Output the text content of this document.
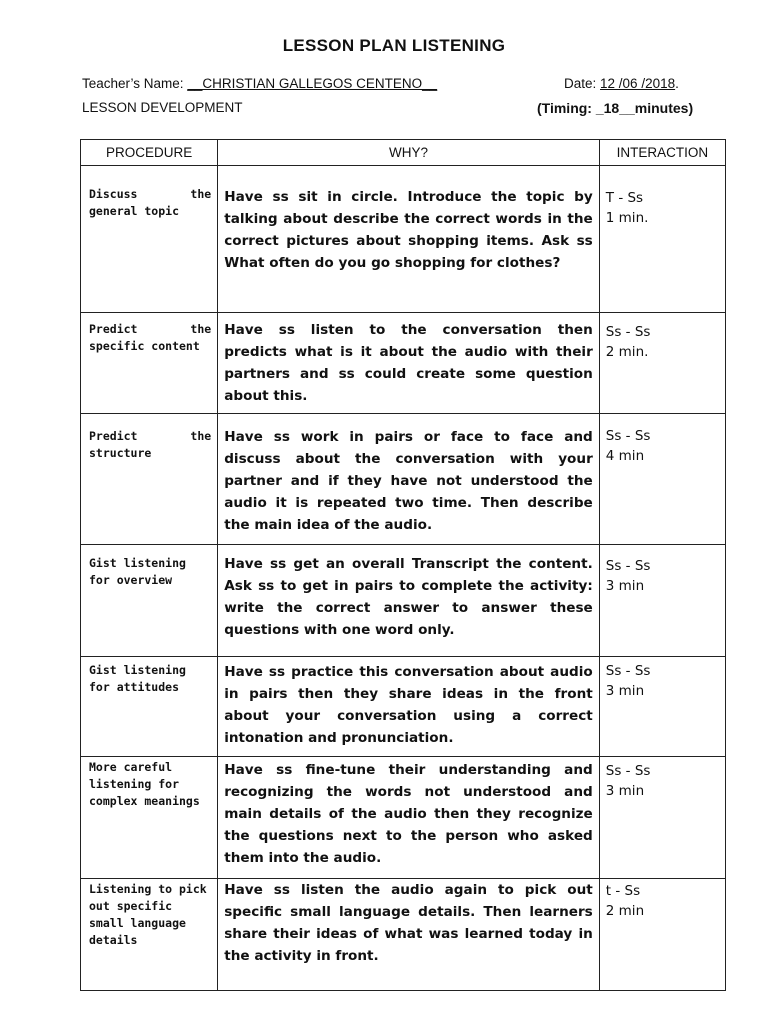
LESSON PLAN LISTENING
Teacher’s Name: __CHRISTIAN GALLEGOS CENTENO__	Date: 12 /06 /2018.
LESSON DEVELOPMENT	(Timing: _18__minutes)
PROCEDURE	WHY?	INTERACTION
Discuss the general topic	Have ss sit in circle. Introduce the topic by talking about describe the correct words in the correct pictures about shopping items. Ask ss What often do you go shopping for clothes?	T - Ss
1 min.

Predict the specific content	Have ss listen to the conversation then predicts what is it about the audio with their partners and ss could create some question about this.	Ss - Ss
2 min.

Predict the structure	Have ss work in pairs or face to face and discuss about the conversation with your partner and if they have not understood the audio it is repeated two time. Then describe the main idea of the audio.	Ss - Ss
4 min

Gist listening for overview	Have ss get an overall Transcript the content. Ask ss to get in pairs to complete the activity: write the correct answer to answer these questions with one word only.	Ss - Ss
3 min

Gist listening for attitudes	Have ss practice this conversation about audio in pairs then they share ideas in the front about your conversation using a correct intonation and pronunciation.	Ss - Ss
3 min

More careful listening for complex meanings	Have ss fine-tune their understanding and recognizing the words not understood and main details of the audio then they recognize the questions next to the person who asked them into the audio.	Ss - Ss
3 min

Listening to pick out specific small language details	Have ss listen the audio again to pick out specific small language details. Then learners share their ideas of what was learned today in the activity in front.	t - Ss
2 min
